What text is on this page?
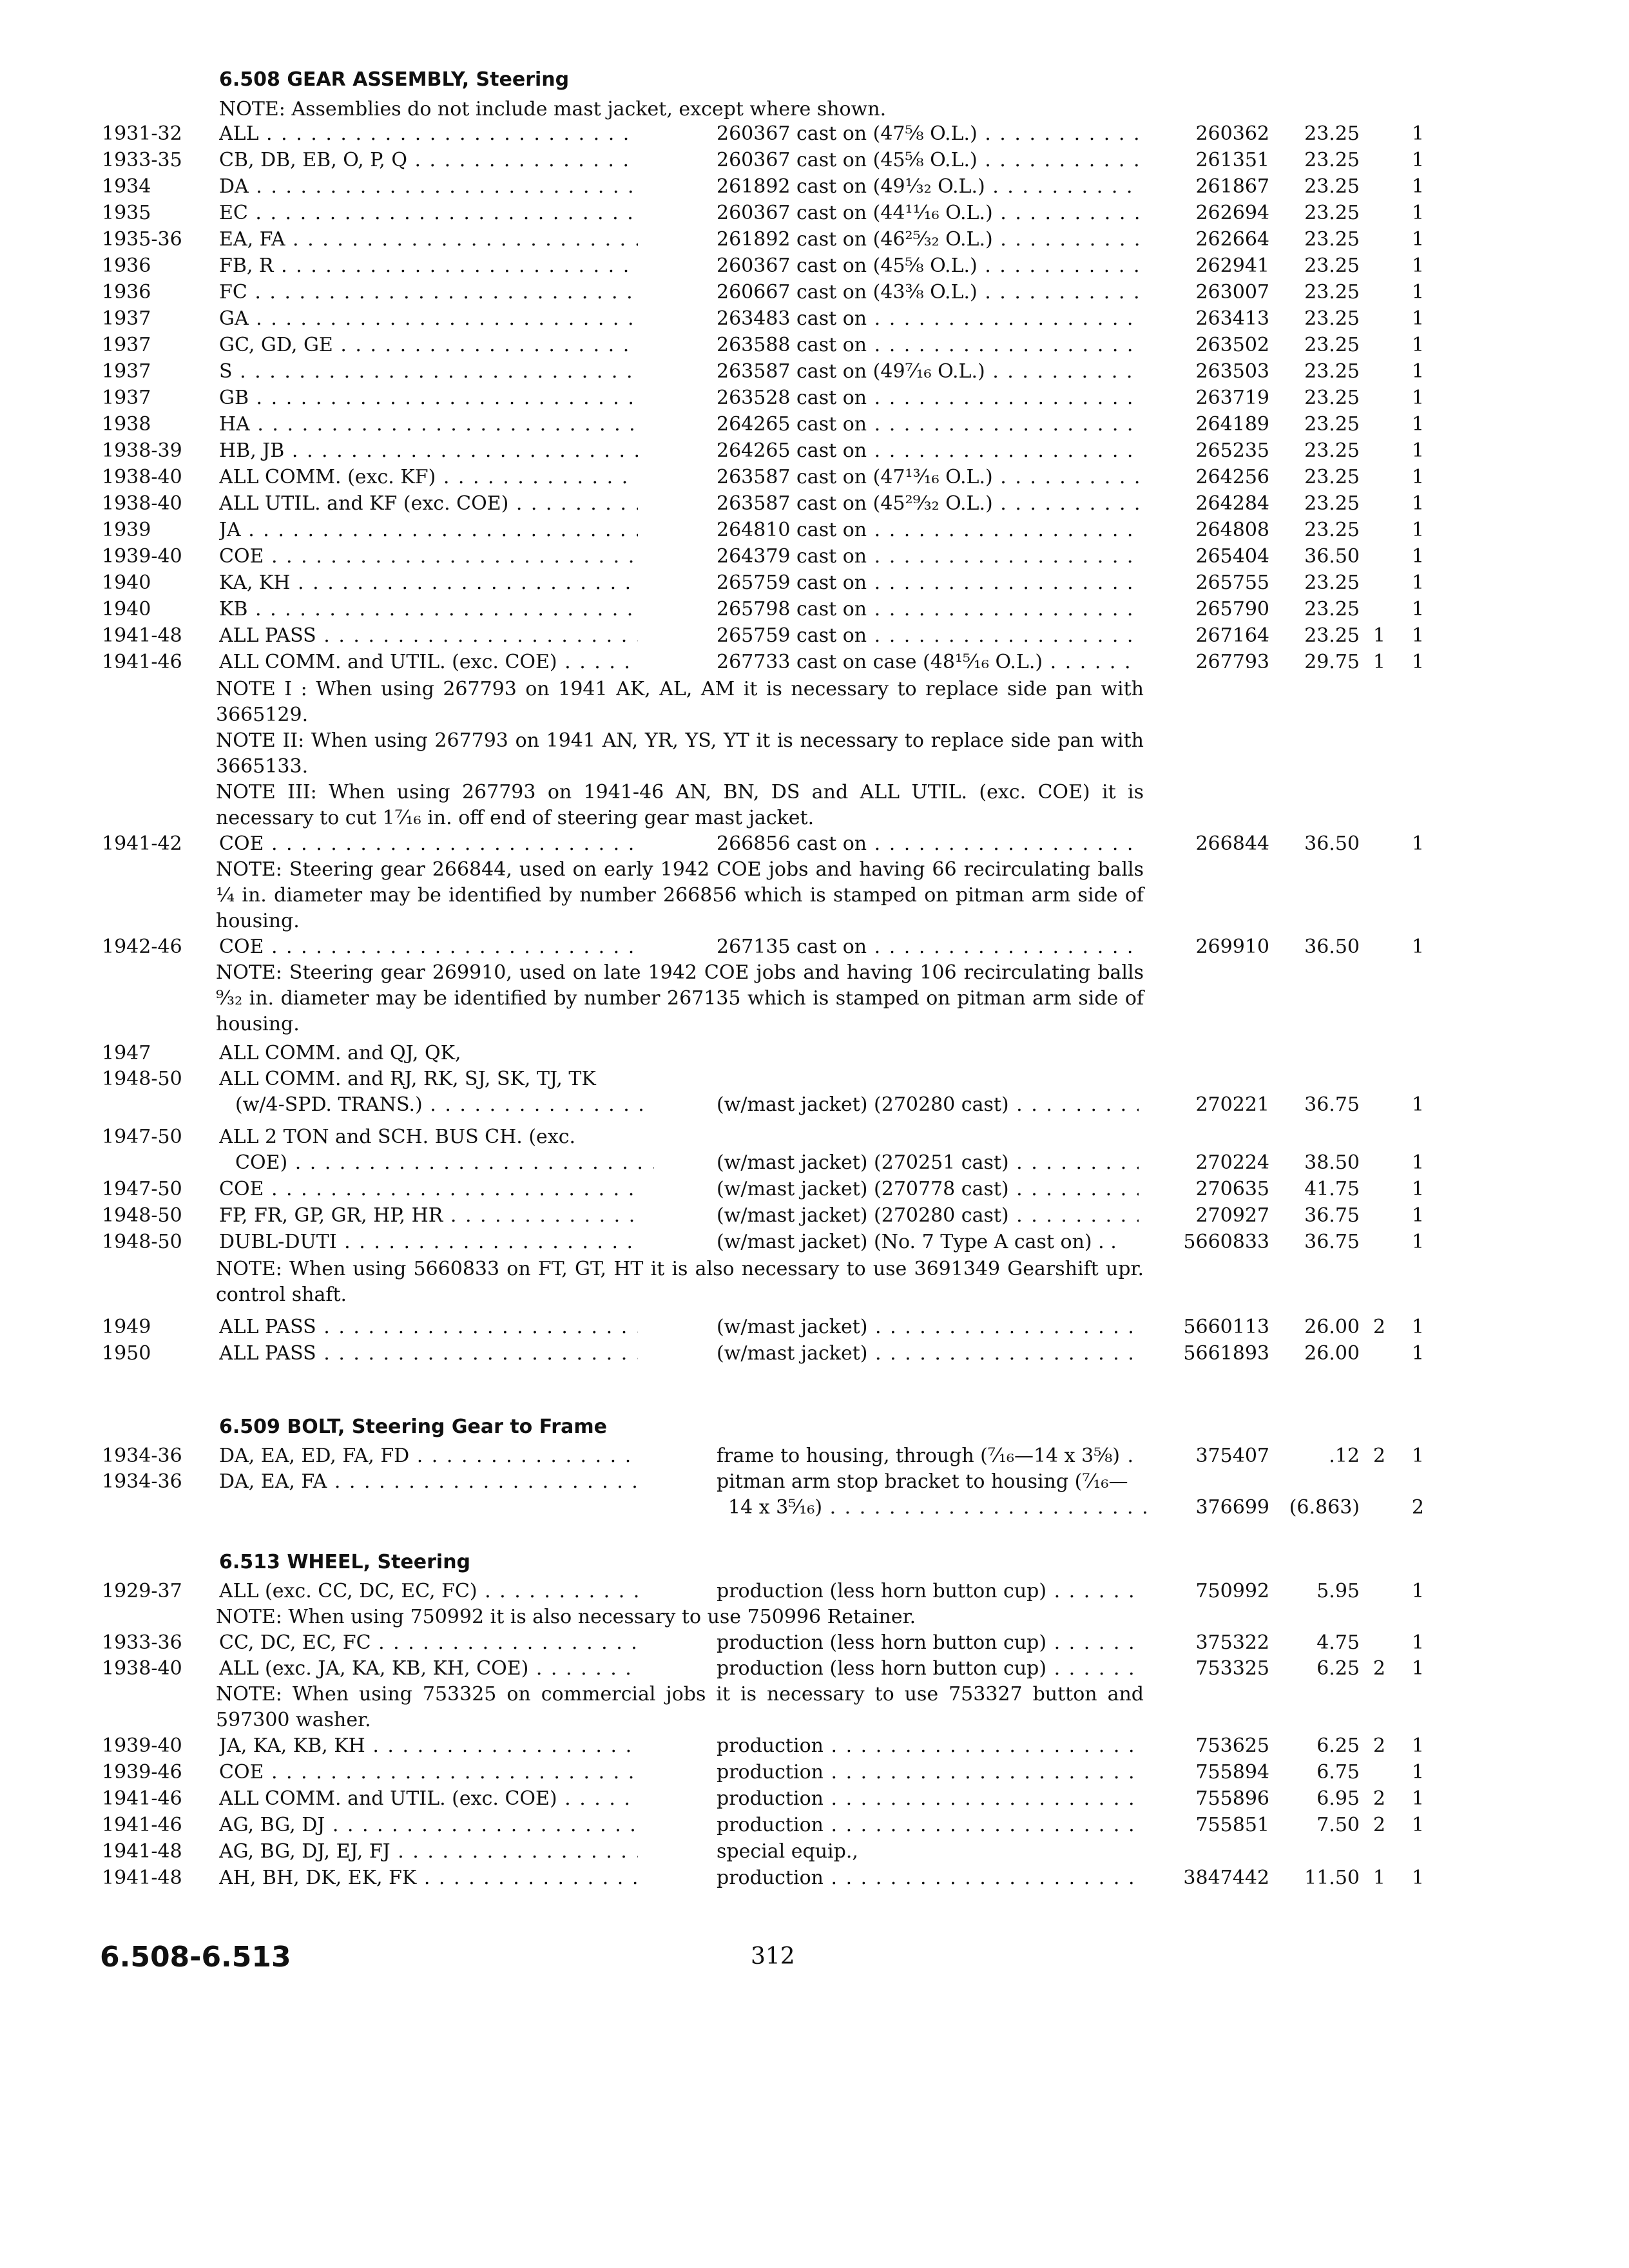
6.508 GEAR ASSEMBLY, Steering
NOTE: Assemblies do not include mast jacket, except where shown.
1931-32	ALL . . .	260367 cast on (47⅝ O.L.) . . .	260362	23.25	1
1933-35	CB, DB, EB, O, P, Q . . .	260367 cast on (45⅝ O.L.) . . .	261351	23.25	1
1934	DA . . .	261892 cast on (49¹⁄₃₂ O.L.) . . .	261867	23.25	1
1935	EC . . .	260367 cast on (44¹¹⁄₁₆ O.L.) . . .	262694	23.25	1
1935-36	EA, FA . . .	261892 cast on (46²⁵⁄₃₂ O.L.) . . .	262664	23.25	1
1936	FB, R . . .	260367 cast on (45⅝ O.L.) . . .	262941	23.25	1
1936	FC . . .	260667 cast on (43⅜ O.L.) . . .	263007	23.25	1
1937	GA . . .	263483 cast on . . .	263413	23.25	1
1937	GC, GD, GE . . .	263588 cast on . . .	263502	23.25	1
1937	S . . .	263587 cast on (49⁷⁄₁₆ O.L.) . . .	263503	23.25	1
1937	GB . . .	263528 cast on . . .	263719	23.25	1
1938	HA . . .	264265 cast on . . .	264189	23.25	1
1938-39	HB, JB . . .	264265 cast on . . .	265235	23.25	1
1938-40	ALL COMM. (exc. KF) . . .	263587 cast on (47¹³⁄₁₆ O.L.) . . .	264256	23.25	1
1938-40	ALL UTIL. and KF (exc. COE) . . .	263587 cast on (45²⁹⁄₃₂ O.L.) . . .	264284	23.25	1
1939	JA . . .	264810 cast on . . .	264808	23.25	1
1939-40	COE . . .	264379 cast on . . .	265404	36.50	1
1940	KA, KH . . .	265759 cast on . . .	265755	23.25	1
1940	KB . . .	265798 cast on . . .	265790	23.25	1
1941-48	ALL PASS . . .	265759 cast on . . .	267164	23.25 1	1
1941-46	ALL COMM. and UTIL. (exc. COE) . . .	267733 cast on case (48¹⁵⁄₁₆ O.L.) . . .	267793	29.75 1	1
NOTE I : When using 267793 on 1941 AK, AL, AM it is necessary to replace side pan with 3665129.
NOTE II: When using 267793 on 1941 AN, YR, YS, YT it is necessary to replace side pan with 3665133.
NOTE III: When using 267793 on 1941-46 AN, BN, DS and ALL UTIL. (exc. COE) it is necessary to cut 1⁷⁄₁₆ in. off end of steering gear mast jacket.
1941-42	COE . . .	266856 cast on . . .	266844	36.50	1
NOTE: Steering gear 266844, used on early 1942 COE jobs and having 66 recirculating balls ¼ in. diameter may be identified by number 266856 which is stamped on pitman arm side of housing.
1942-46	COE . . .	267135 cast on . . .	269910	36.50	1
NOTE: Steering gear 269910, used on late 1942 COE jobs and having 106 recirculating balls ⁹⁄₃₂ in. diameter may be identified by number 267135 which is stamped on pitman arm side of housing.
1947	ALL COMM. and QJ, QK,
1948-50	ALL COMM. and RJ, RK, SJ, SK, TJ, TK
(w/4-SPD. TRANS.) . . .	(w/mast jacket) (270280 cast) . . .	270221	36.75	1
1947-50	ALL 2 TON and SCH. BUS CH. (exc.
COE) . . .	(w/mast jacket) (270251 cast) . . .	270224	38.50	1
1947-50	COE . . .	(w/mast jacket) (270778 cast) . . .	270635	41.75	1
1948-50	FP, FR, GP, GR, HP, HR . . .	(w/mast jacket) (270280 cast) . . .	270927	36.75	1
1948-50	DUBL-DUTI . . .	(w/mast jacket) (No. 7 Type A cast on) . .	5660833	36.75	1
NOTE: When using 5660833 on FT, GT, HT it is also necessary to use 3691349 Gearshift upr. control shaft.
1949	ALL PASS . . .	(w/mast jacket) . . .	5660113	26.00 2	1
1950	ALL PASS . . .	(w/mast jacket) . . .	5661893	26.00	1
6.509 BOLT, Steering Gear to Frame
1934-36	DA, EA, ED, FA, FD . . .	frame to housing, through (⁷⁄₁₆—14 x 3⅝) . . .	375407	.12 2	1
1934-36	DA, EA, FA . . .	pitman arm stop bracket to housing (⁷⁄₁₆—
14 x 3⁵⁄₁₆) . . .	376699	(6.863)	2
6.513 WHEEL, Steering
1929-37	ALL (exc. CC, DC, EC, FC) . . .	production (less horn button cup) . . .	750992	5.95	1
NOTE: When using 750992 it is also necessary to use 750996 Retainer.
1933-36	CC, DC, EC, FC . . .	production (less horn button cup) . . .	375322	4.75	1
1938-40	ALL (exc. JA, KA, KB, KH, COE) . . .	production (less horn button cup) . . .	753325	6.25 2	1
NOTE: When using 753325 on commercial jobs it is necessary to use 753327 button and 597300 washer.
1939-40	JA, KA, KB, KH . . .	production . . .	753625	6.25 2	1
1939-46	COE . . .	production . . .	755894	6.75	1
1941-46	ALL COMM. and UTIL. (exc. COE) . . .	production . . .	755896	6.95 2	1
1941-46	AG, BG, DJ . . .	production . . .	755851	7.50 2	1
1941-48	AG, BG, DJ, EJ, FJ . . .	special equip.,
1941-48	AH, BH, DK, EK, FK . . .	production . . .	3847442	11.50 1	1
6.508-6.513	312
